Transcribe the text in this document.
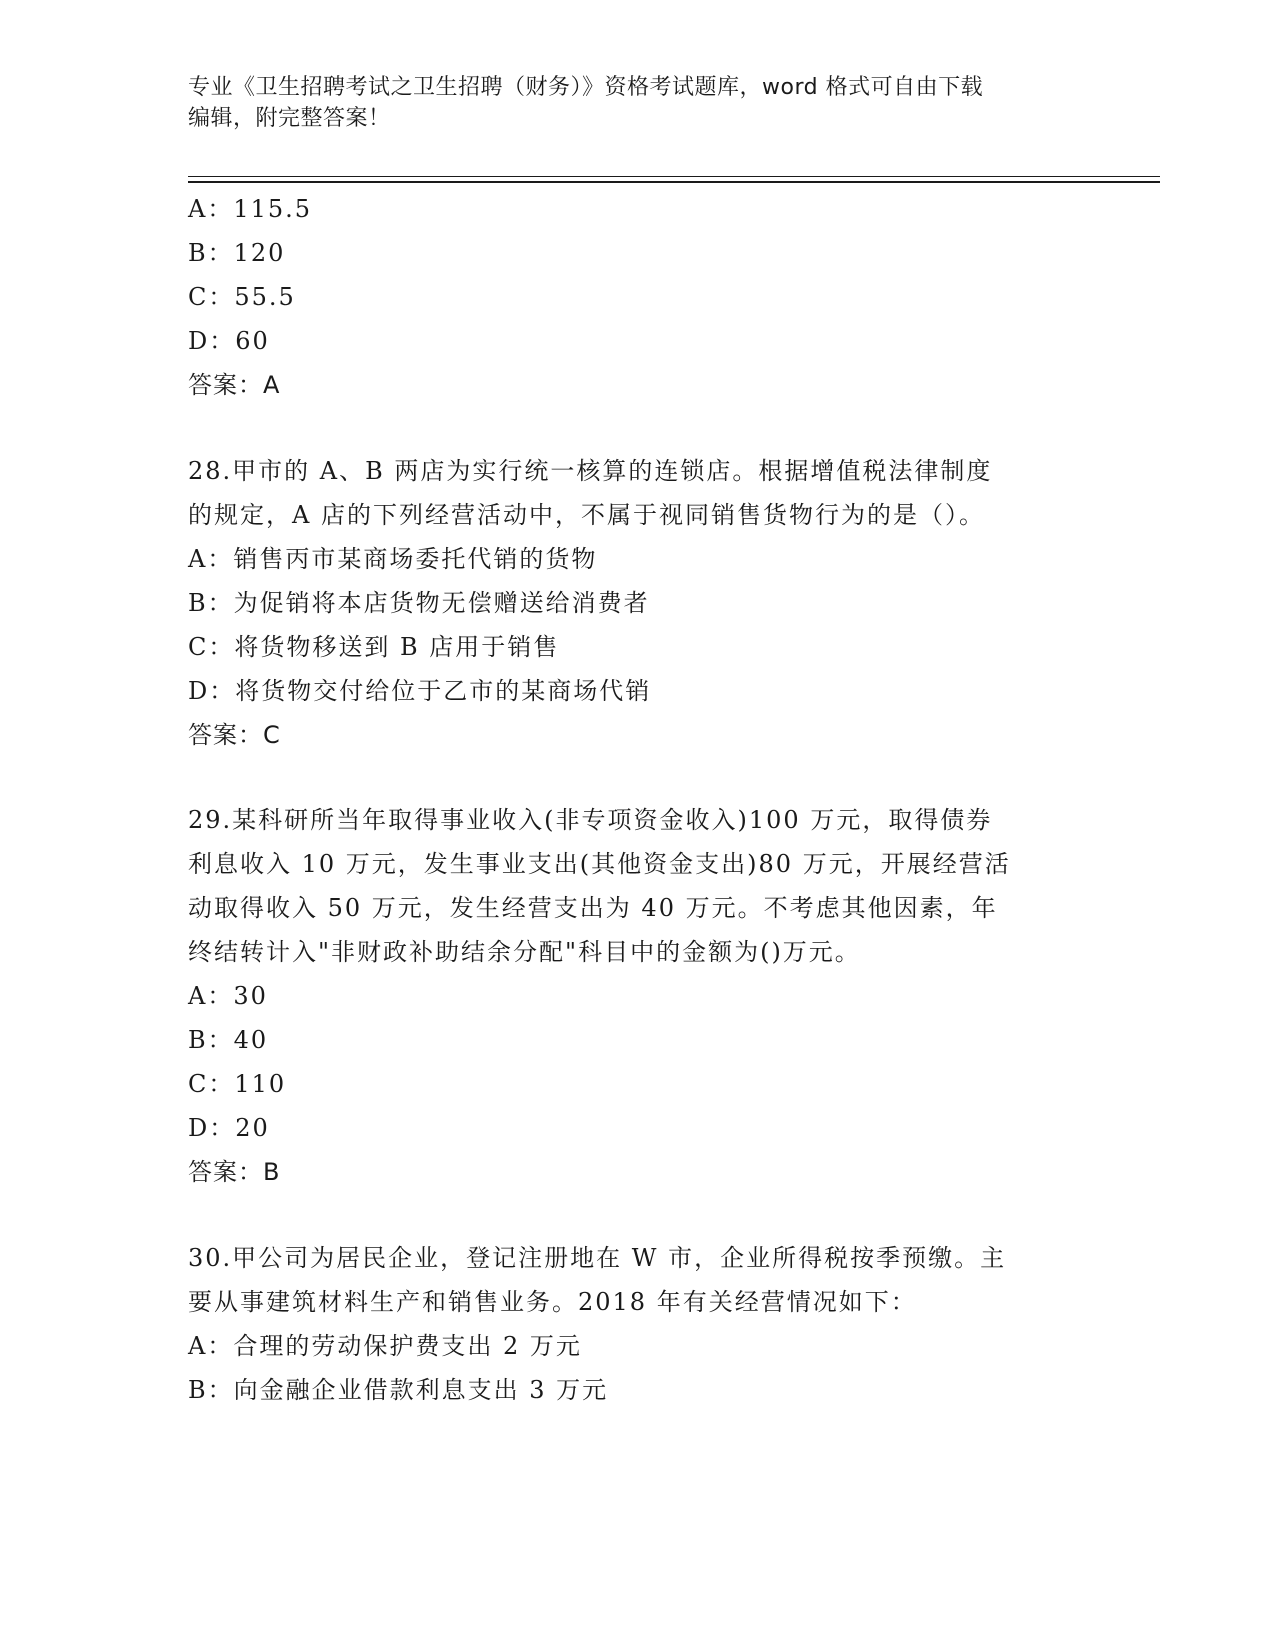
专业《卫生招聘考试之卫生招聘（财务）》资格考试题库，word 格式可自由下载
编辑，附完整答案！
A：115.5
B：120
C：55.5
D：60
答案：A
28.甲市的 A、B 两店为实行统一核算的连锁店。根据增值税法律制度
的规定，A 店的下列经营活动中，不属于视同销售货物行为的是（）。
A：销售丙市某商场委托代销的货物
B：为促销将本店货物无偿赠送给消费者
C：将货物移送到 B 店用于销售
D：将货物交付给位于乙市的某商场代销
答案：C
29.某科研所当年取得事业收入(非专项资金收入)100 万元，取得债券
利息收入 10 万元，发生事业支出(其他资金支出)80 万元，开展经营活
动取得收入 50 万元，发生经营支出为 40 万元。不考虑其他因素，年
终结转计入"非财政补助结余分配"科目中的金额为()万元。
A：30
B：40
C：110
D：20
答案：B
30.甲公司为居民企业，登记注册地在 W 市，企业所得税按季预缴。主
要从事建筑材料生产和销售业务。2018 年有关经营情况如下：
A：合理的劳动保护费支出 2 万元
B：向金融企业借款利息支出 3 万元
